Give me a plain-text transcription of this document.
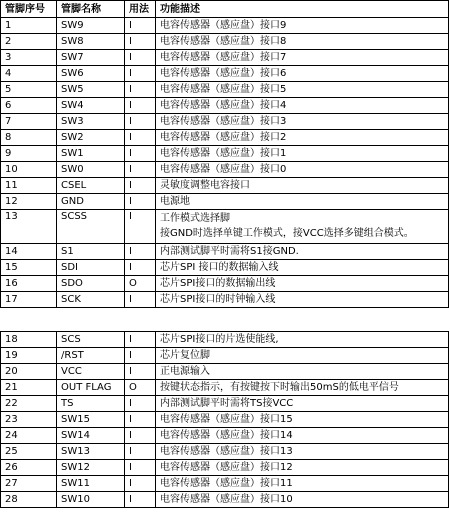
管脚序号	管脚名称	用法	功能描述
1	SW9	I	电容传感器（感应盘）接口9
2	SW8	I	电容传感器（感应盘）接口8
3	SW7	I	电容传感器（感应盘）接口7
4	SW6	I	电容传感器（感应盘）接口6
5	SW5	I	电容传感器（感应盘）接口5
6	SW4	I	电容传感器（感应盘）接口4
7	SW3	I	电容传感器（感应盘）接口3
8	SW2	I	电容传感器（感应盘）接口2
9	SW1	I	电容传感器（感应盘）接口1
10	SW0	I	电容传感器（感应盘）接口0
11	CSEL	I	灵敏度调整电容接口
12	GND	I	电源地
13	SCSS	I	工作模式选择脚
接GND时选择单键工作模式，接VCC选择多键组合模式。

14	S1	I	内部测试脚平时需将S1接GND.
15	SDI	I	芯片SPI 接口的数据输入线
16	SDO	O	芯片SPI接口的数据输出线
17	SCK	I	芯片SPI接口的时钟输入线
18	SCS	I	芯片SPI接口的片选使能线,
19	/RST	I	芯片复位脚
20	VCC	I	正电源输入
21	OUT FLAG	O	按键状态指示，有按键按下时输出50mS的低电平信号
22	TS	I	内部测试脚平时需将TS接VCC
23	SW15	I	电容传感器（感应盘）接口15
24	SW14	I	电容传感器（感应盘）接口14
25	SW13	I	电容传感器（感应盘）接口13
26	SW12	I	电容传感器（感应盘）接口12
27	SW11	I	电容传感器（感应盘）接口11
28	SW10	I	电容传感器（感应盘）接口10
